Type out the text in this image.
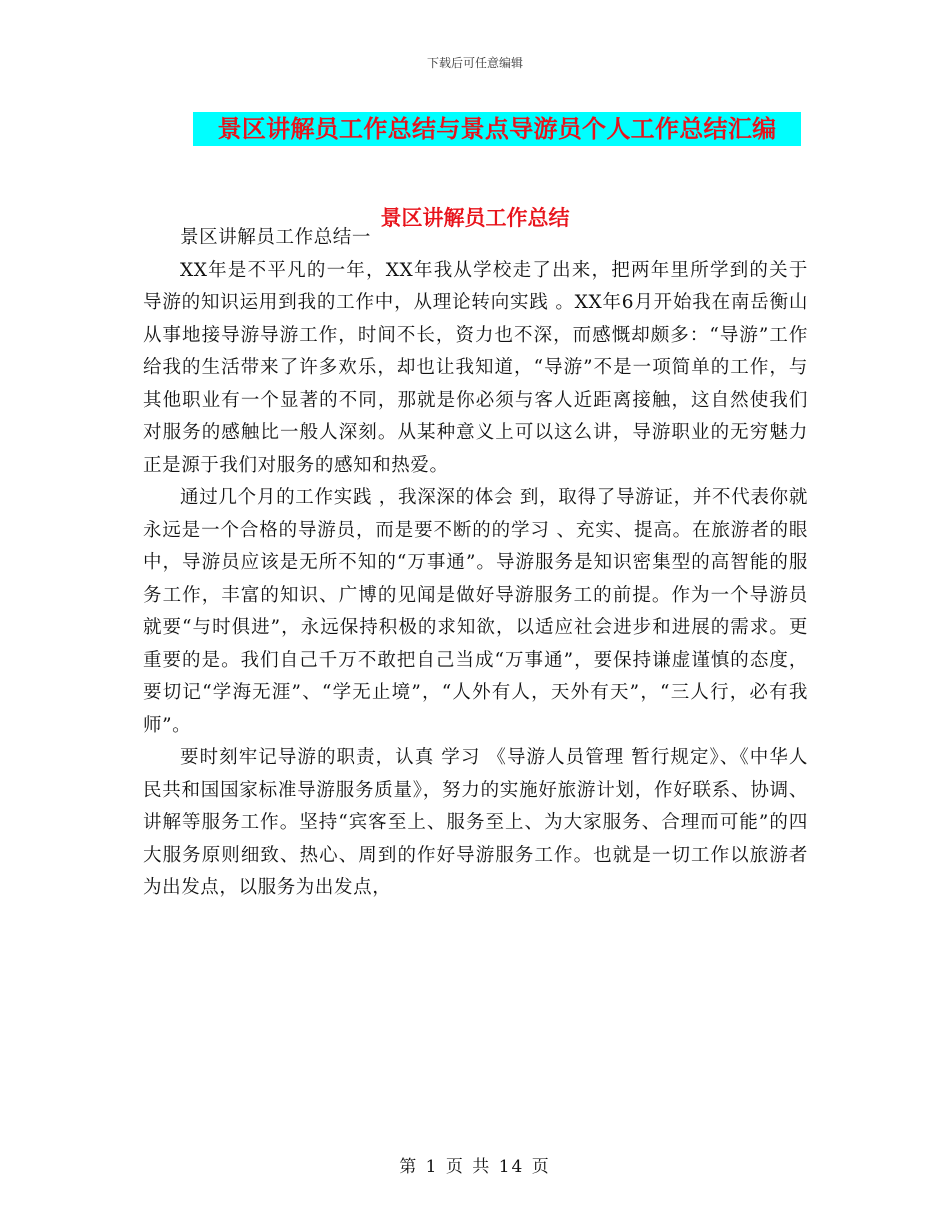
下载后可任意编辑
景区讲解员工作总结与景点导游员个人工作总结汇编
景区讲解员工作总结

景区讲解员工作总结一

XX年是不平凡的一年，XX年我从学校走了出来，把两年里所学到的关于导游的知识运用到我的工作中，从理论转向实践 。XX年6月开始我在南岳衡山从事地接导游导游工作，时间不长，资力也不深，而感慨却颇多：“导游”工作给我的生活带来了许多欢乐，却也让我知道，“导游”不是一项简单的工作，与其他职业有一个显著的不同，那就是你必须与客人近距离接触，这自然使我们对服务的感触比一般人深刻。从某种意义上可以这么讲，导游职业的无穷魅力正是源于我们对服务的感知和热爱。

通过几个月的工作实践 ，我深深的体会 到，取得了导游证，并不代表你就永远是一个合格的导游员，而是要不断的的学习 、充实、提高。在旅游者的眼中，导游员应该是无所不知的“万事通”。导游服务是知识密集型的高智能的服务工作，丰富的知识、广博的见闻是做好导游服务工的前提。作为一个导游员就要“与时俱进”，永远保持积极的求知欲，以适应社会进步和进展的需求。更重要的是。我们自己千万不敢把自己当成“万事通”，要保持谦虚谨慎的态度，要切记“学海无涯”、“学无止境”，“人外有人，天外有天”，“三人行，必有我师”。

要时刻牢记导游的职责，认真 学习 《导游人员管理 暂行规定》、《中华人民共和国国家标准导游服务质量》，努力的实施好旅游计划，作好联系、协调、讲解等服务工作。坚持“宾客至上、服务至上、为大家服务、合理而可能”的四大服务原则细致、热心、周到的作好导游服务工作。也就是一切工作以旅游者为出发点，以服务为出发点，

第 1 页 共 14 页
